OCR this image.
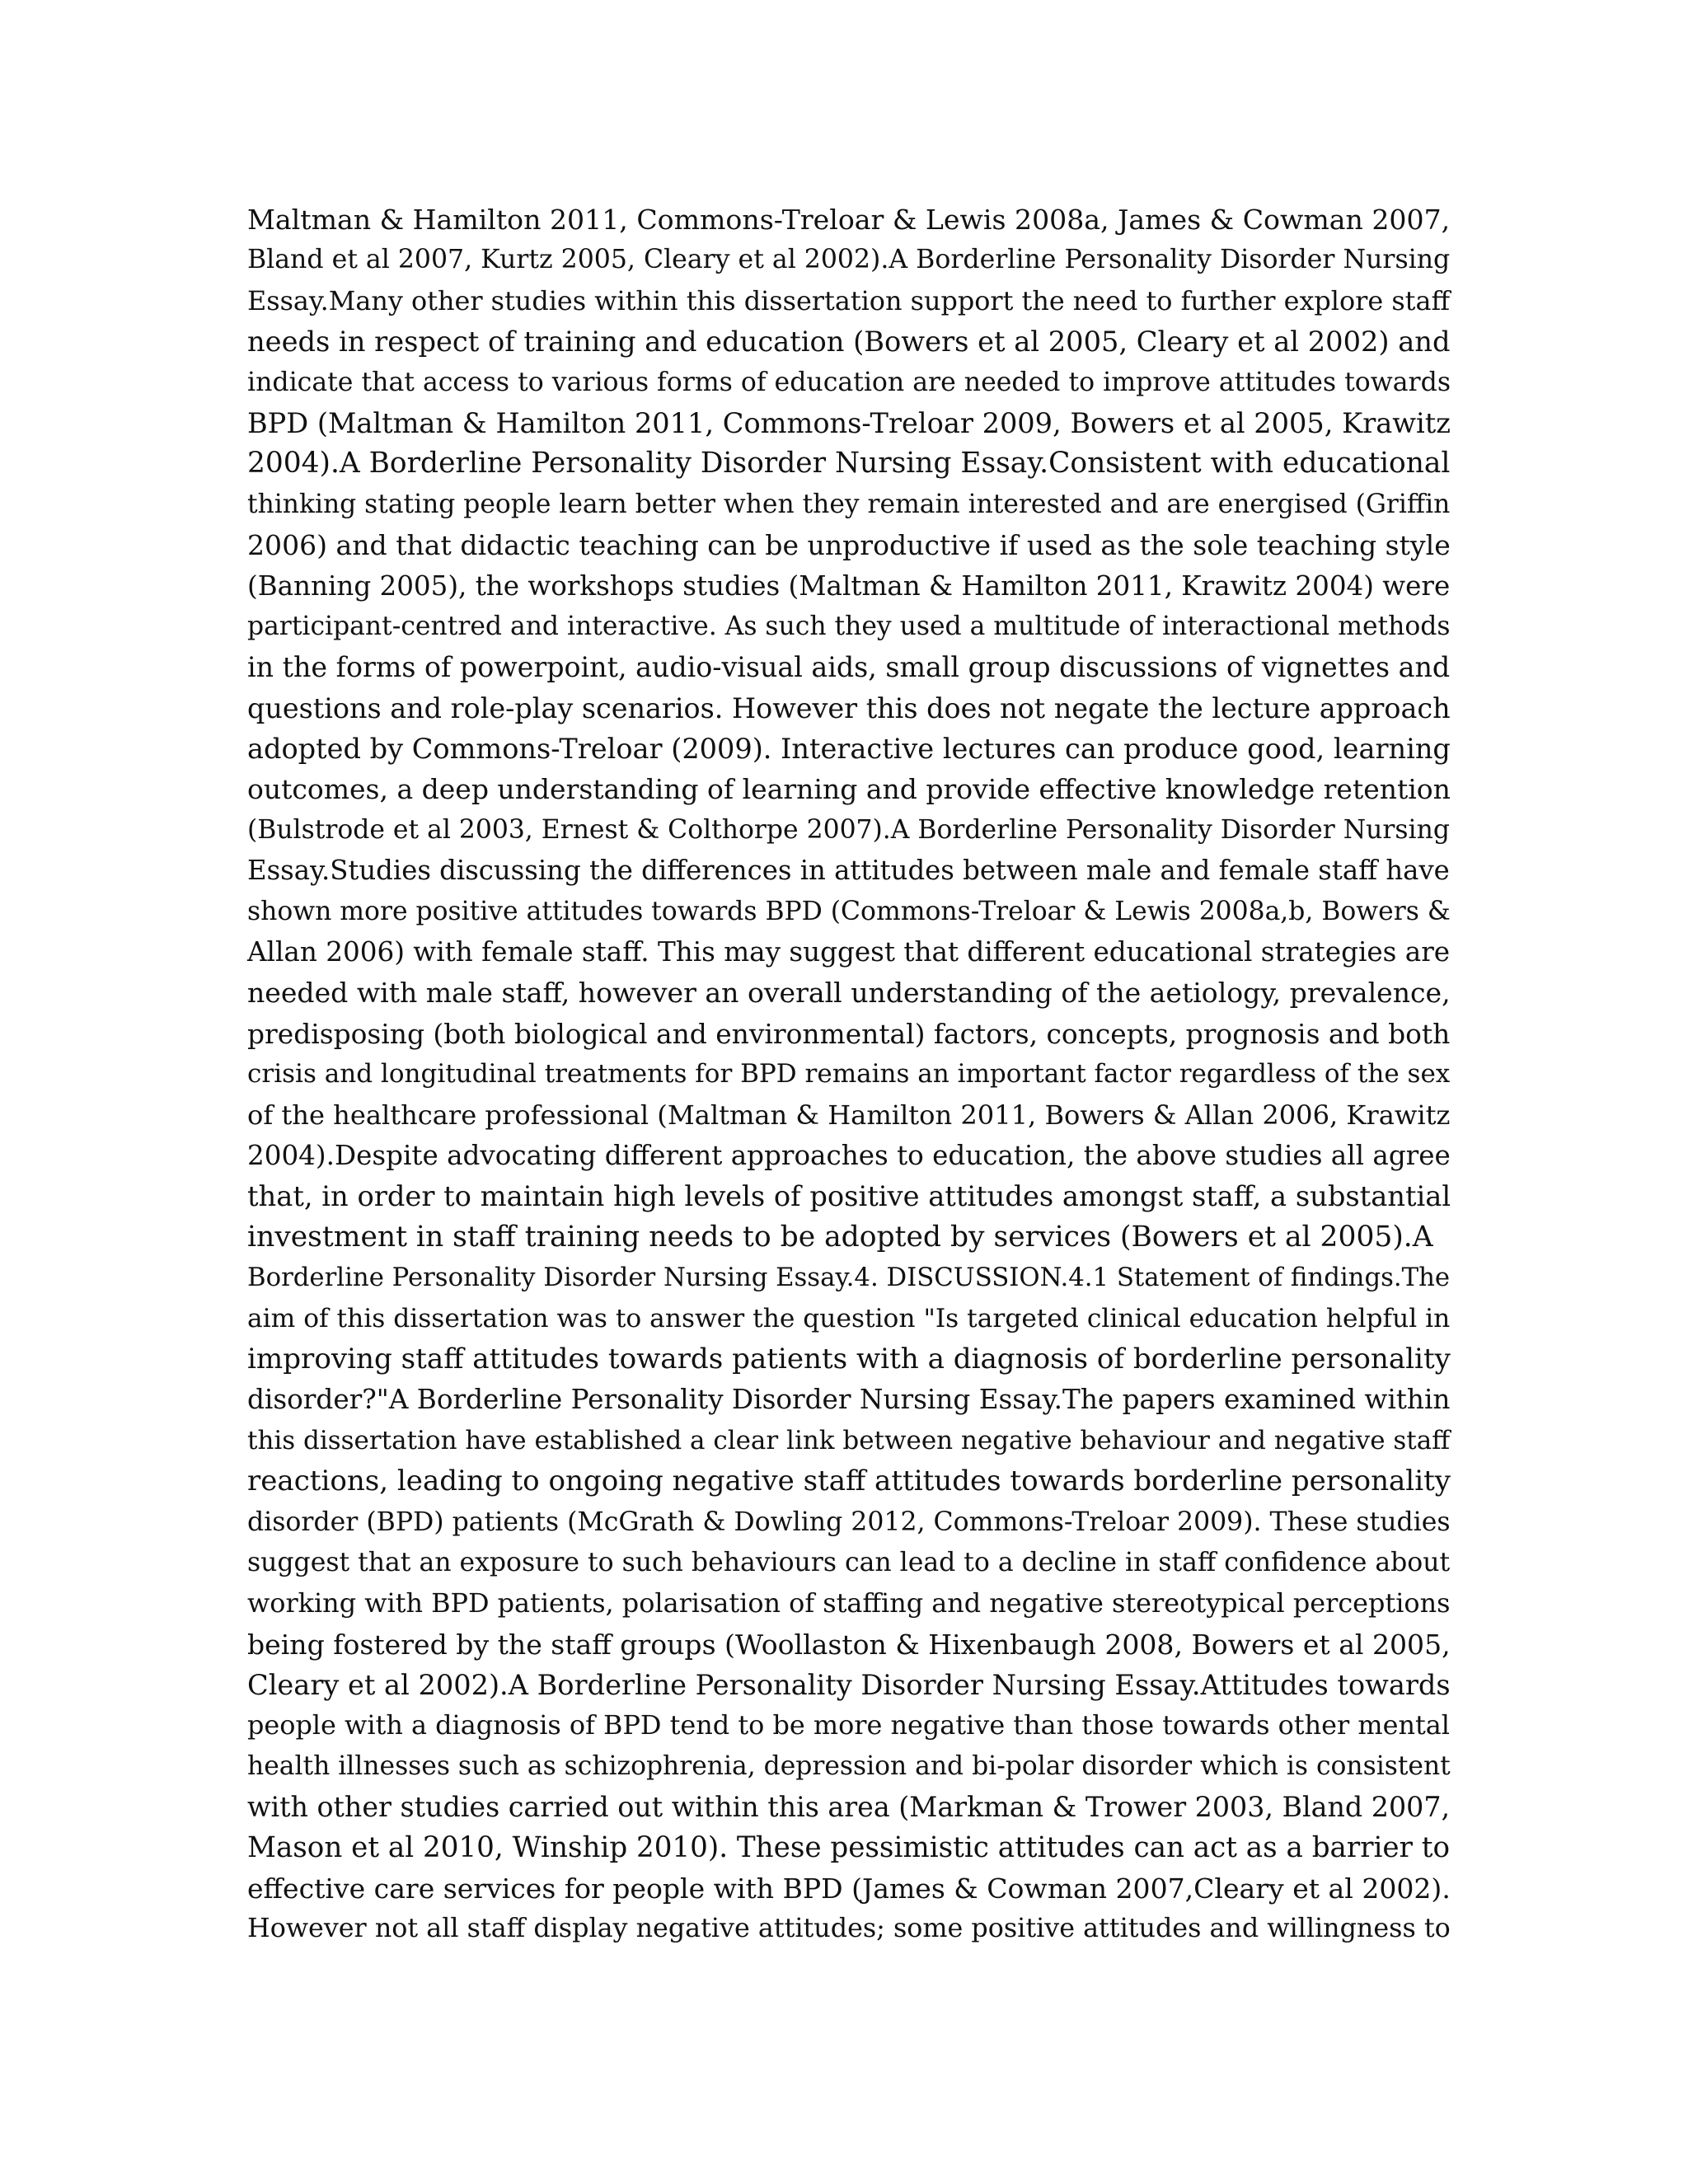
Maltman & Hamilton 2011, Commons-Treloar & Lewis 2008a, James & Cowman 2007,
Bland et al 2007, Kurtz 2005, Cleary et al 2002).A Borderline Personality Disorder Nursing
Essay.Many other studies within this dissertation support the need to further explore staff
needs in respect of training and education (Bowers et al 2005, Cleary et al 2002) and
indicate that access to various forms of education are needed to improve attitudes towards
BPD (Maltman & Hamilton 2011, Commons-Treloar 2009, Bowers et al 2005, Krawitz
2004).A Borderline Personality Disorder Nursing Essay.Consistent with educational
thinking stating people learn better when they remain interested and are energised (Griffin
2006) and that didactic teaching can be unproductive if used as the sole teaching style
(Banning 2005), the workshops studies (Maltman & Hamilton 2011, Krawitz 2004) were
participant-centred and interactive. As such they used a multitude of interactional methods
in the forms of powerpoint, audio-visual aids, small group discussions of vignettes and
questions and role-play scenarios. However this does not negate the lecture approach
adopted by Commons-Treloar (2009). Interactive lectures can produce good, learning
outcomes, a deep understanding of learning and provide effective knowledge retention
(Bulstrode et al 2003, Ernest & Colthorpe 2007).A Borderline Personality Disorder Nursing
Essay.Studies discussing the differences in attitudes between male and female staff have
shown more positive attitudes towards BPD (Commons-Treloar & Lewis 2008a,b, Bowers &
Allan 2006) with female staff. This may suggest that different educational strategies are
needed with male staff, however an overall understanding of the aetiology, prevalence,
predisposing (both biological and environmental) factors, concepts, prognosis and both
crisis and longitudinal treatments for BPD remains an important factor regardless of the sex
of the healthcare professional (Maltman & Hamilton 2011, Bowers & Allan 2006, Krawitz
2004).Despite advocating different approaches to education, the above studies all agree
that, in order to maintain high levels of positive attitudes amongst staff, a substantial
investment in staff training needs to be adopted by services (Bowers et al 2005).A
Borderline Personality Disorder Nursing Essay.4. DISCUSSION.4.1 Statement of findings.The
aim of this dissertation was to answer the question "Is targeted clinical education helpful in
improving staff attitudes towards patients with a diagnosis of borderline personality
disorder?"A Borderline Personality Disorder Nursing Essay.The papers examined within
this dissertation have established a clear link between negative behaviour and negative staff
reactions, leading to ongoing negative staff attitudes towards borderline personality
disorder (BPD) patients (McGrath & Dowling 2012, Commons-Treloar 2009). These studies
suggest that an exposure to such behaviours can lead to a decline in staff confidence about
working with BPD patients, polarisation of staffing and negative stereotypical perceptions
being fostered by the staff groups (Woollaston & Hixenbaugh 2008, Bowers et al 2005,
Cleary et al 2002).A Borderline Personality Disorder Nursing Essay.Attitudes towards
people with a diagnosis of BPD tend to be more negative than those towards other mental
health illnesses such as schizophrenia, depression and bi-polar disorder which is consistent
with other studies carried out within this area (Markman & Trower 2003, Bland 2007,
Mason et al 2010, Winship 2010). These pessimistic attitudes can act as a barrier to
effective care services for people with BPD (James & Cowman 2007,Cleary et al 2002).
However not all staff display negative attitudes; some positive attitudes and willingness to
